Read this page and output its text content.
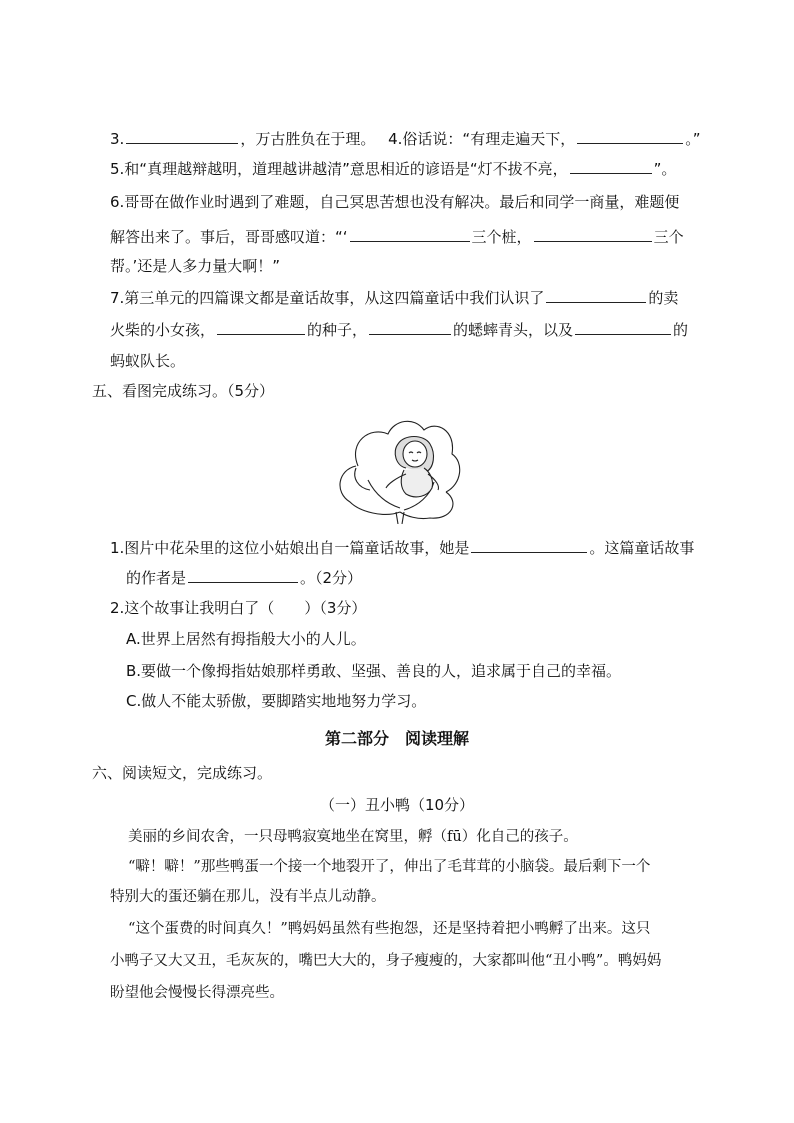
3.	，万古胜负在于理。 4.俗话说：“有理走遍天下，	。”
5.和“真理越辩越明，道理越讲越清”意思相近的谚语是“灯不拔不亮，	”。
6.哥哥在做作业时遇到了难题，自己冥思苦想也没有解决。最后和同学一商量，难题便
解答出来了。事后，哥哥感叹道：“‘	三个桩，	三个
帮。’还是人多力量大啊！”
7.第三单元的四篇课文都是童话故事，从这四篇童话中我们认识了	的卖
火柴的小女孩，	的种子，	的蟋蟀青头，以及	的
蚂蚁队长。
五、看图完成练习。（5分）
1.图片中花朵里的这位小姑娘出自一篇童话故事，她是	。这篇童话故事
的作者是	。（2分）
2.这个故事让我明白了（　　）（3分）
A.世界上居然有拇指般大小的人儿。
B.要做一个像拇指姑娘那样勇敢、坚强、善良的人，追求属于自己的幸福。
C.做人不能太骄傲，要脚踏实地地努力学习。
第二部分　阅读理解
六、阅读短文，完成练习。
（一）丑小鸭（10分）
美丽的乡间农舍，一只母鸭寂寞地坐在窝里，孵（fū）化自己的孩子。
“噼！噼！”那些鸭蛋一个接一个地裂开了，伸出了毛茸茸的小脑袋。最后剩下一个
特别大的蛋还躺在那儿，没有半点儿动静。
“这个蛋费的时间真久！”鸭妈妈虽然有些抱怨，还是坚持着把小鸭孵了出来。这只
小鸭子又大又丑，毛灰灰的，嘴巴大大的，身子瘦瘦的，大家都叫他“丑小鸭”。鸭妈妈
盼望他会慢慢长得漂亮些。
